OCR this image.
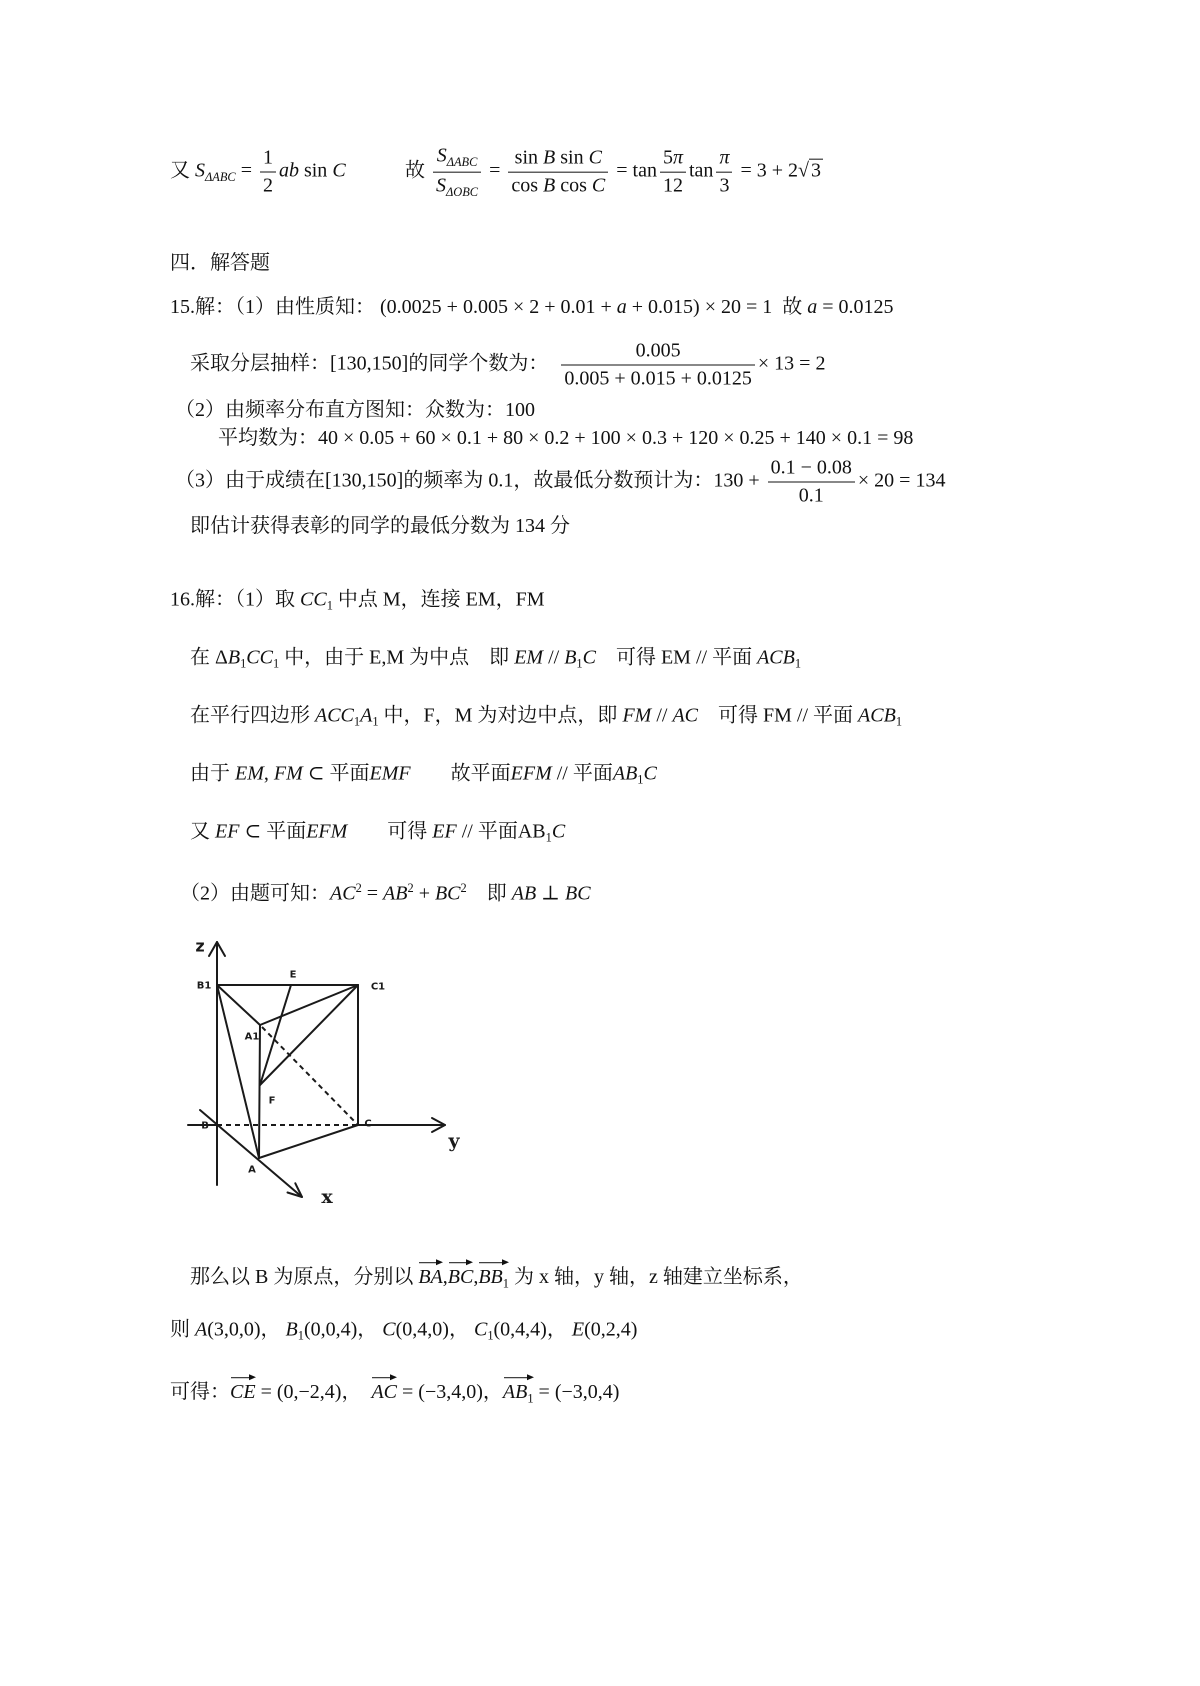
又 $S_{\Delta ABC} = \frac{1}{2}$ ab sin C	故 $\frac{S_{\Delta ABC}}{S_{\Delta OBC}} = \frac{\text{sin B sin C}}{\text{cos B cos C}} = \tan \frac{5\pi}{12}$ $\tan \frac{\pi}{3} = 3 + 2√$ 3
四．解答题
15.解：（1）由性质知： (0.0025 + 0.005 × 2 + 0.01 + a + 0.015) × 20 = 1  故 a = 0.0125
采取分层抽样：[130,150]的同学个数为： $\frac{0.005}{0.005 + 0.015 + 0.0125} \times 13 = 2$
（2）由频率分布直方图知：众数为：100
平均数为：40 × 0.05 + 60 × 0.1 + 80 × 0.2 + 100 × 0.3 + 120 × 0.25 + 140 × 0.1 = 98
（3）由于成绩在[130,150]的频率为 0.1，故最低分数预计为：$130 + \frac{0.1 - 0.08}{0.1} \times 20 = 134$
即估计获得表彰的同学的最低分数为 134 分
16.解：（1）取 $CC_1$ 中点 M，连接 EM，FM
在 $\Delta B_1CC_1$ 中，由于 E,M 为中点　即 EM // $B_1C$　可得 EM // 平面 $ACB_1$
在平行四边形 $ACC_1A_1$ 中，F，M 为对边中点，即 FM // AC　可得 FM // 平面 $ACB_1$
由于 EM, FM ⊂ 平面EMF　　故平面EFM // 平面$AB_1C$
又 EF ⊂ 平面EFM　　可得 EF // 平面$AB_1C$
（2）由题可知：$AC^2 = AB^2 + BC^2$　即 AB ⊥ BC
z
y
x
B1	C1
A1
E
F
B	C
A
那么以 B 为原点，分别以 $BA,BC,BB_1$ 为 x 轴，y 轴，z 轴建立坐标系，
则 A(3,0,0)， $B_1(0,0,4)$， C(0,4,0)， $C_1(0,4,4)$， E(0,2,4)
可得：CE = (0,−2,4)，  AC = (−3,4,0)，$AB_1 = (-3,0,4)$
